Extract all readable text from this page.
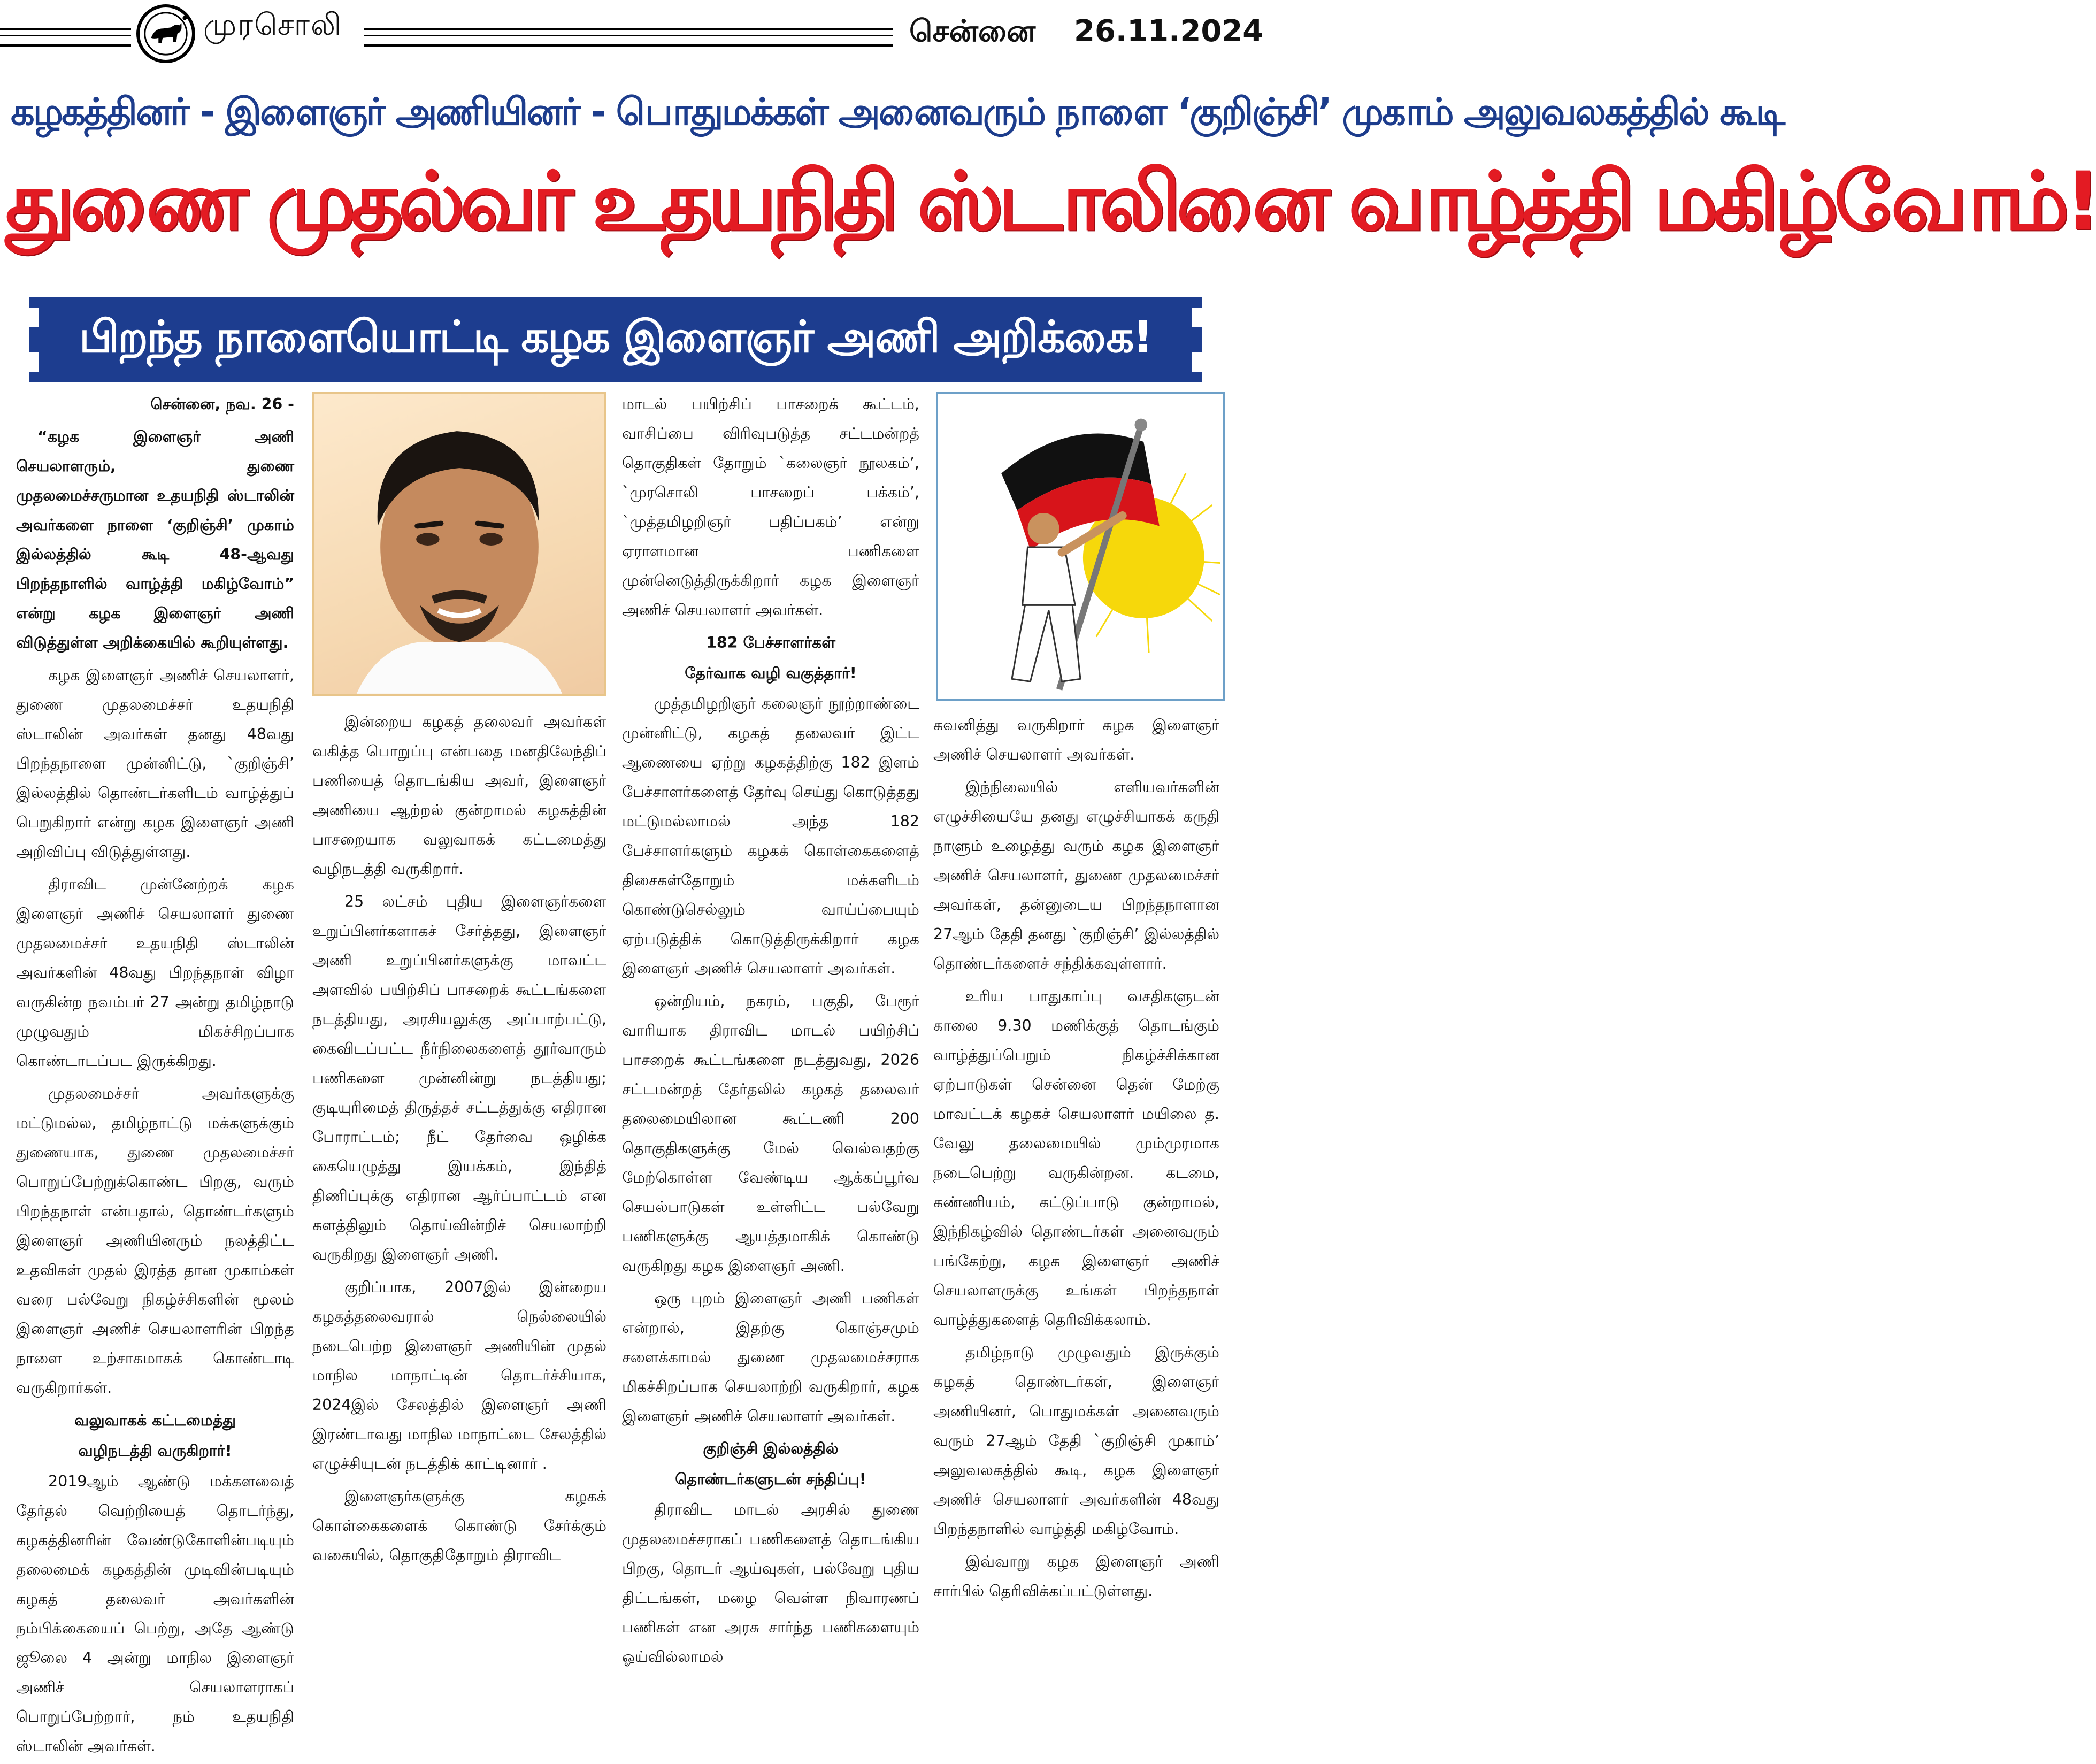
முரசொலி	சென்னை 26.11.2024
கழகத்தினர் - இளைஞர் அணியினர் - பொதுமக்கள் அனைவரும் நாளை ‘குறிஞ்சி’ முகாம் அலுவலகத்தில் கூடி
துணை முதல்வர் உதயநிதி ஸ்டாலினை வாழ்த்தி மகிழ்வோம்!
பிறந்த நாளையொட்டி கழக இளைஞர் அணி அறிக்கை!

சென்னை, நவ. 26 -

“கழக இளைஞர் அணி செயலாளரும், துணை முதலமைச்சருமான உதயநிதி ஸ்டாலின் அவர்களை நாளை ‘குறிஞ்சி’ முகாம் இல்லத்தில் கூடி 48-ஆவது பிறந்தநாளில் வாழ்த்தி மகிழ்வோம்” என்று கழக இளைஞர் அணி விடுத்துள்ள அறிக்கையில் கூறியுள்ளது.

கழக இளைஞர் அணிச் செயலாளர், துணை முதலமைச்சர் உதயநிதி ஸ்டாலின் அவர்கள் தனது 48வது பிறந்தநாளை முன்னிட்டு, `குறிஞ்சி’ இல்லத்தில் தொண்டர்களிடம் வாழ்த்துப் பெறுகிறார் என்று கழக இளைஞர் அணி அறிவிப்பு விடுத்துள்ளது.

திராவிட முன்னேற்றக் கழக இளைஞர் அணிச் செயலாளர் துணை முதலமைச்சர் உதயநிதி ஸ்டாலின் அவர்களின் 48வது பிறந்தநாள் விழா வருகின்ற நவம்பர் 27 அன்று தமிழ்நாடு முழுவதும் மிகச்சிறப்பாக கொண்டாடப்பட இருக்கிறது.

முதலமைச்சர் அவர்களுக்கு மட்டுமல்ல, தமிழ்நாட்டு மக்களுக்கும் துணையாக, துணை முதலமைச்சர் பொறுப்பேற்றுக்கொண்ட பிறகு, வரும் பிறந்தநாள் என்பதால், தொண்டர்களும் இளைஞர் அணியினரும் நலத்திட்ட உதவிகள் முதல் இரத்த தான முகாம்கள் வரை பல்வேறு நிகழ்ச்சிகளின் மூலம் இளைஞர் அணிச் செயலாளரின் பிறந்த நாளை உற்சாகமாகக் கொண்டாடி வருகிறார்கள்.

வலுவாகக் கட்டமைத்து

வழிநடத்தி வருகிறார்!

2019ஆம் ஆண்டு மக்களவைத் தேர்தல் வெற்றியைத் தொடர்ந்து, கழகத்தினரின் வேண்டுகோளின்படியும் தலைமைக் கழகத்தின் முடிவின்படியும் கழகத் தலைவர் அவர்களின் நம்பிக்கையைப் பெற்று, அதே ஆண்டு ஜூலை 4 அன்று மாநில இளைஞர் அணிச் செயலாளராகப் பொறுப்பேற்றார், நம் உதயநிதி ஸ்டாலின் அவர்கள்.

இன்றைய கழகத் தலைவர் அவர்கள் வகித்த பொறுப்பு என்பதை மனதிலேந்திப் பணியைத் தொடங்கிய அவர், இளைஞர் அணியை ஆற்றல் குன்றாமல் கழகத்தின் பாசறையாக வலுவாகக் கட்டமைத்து வழிநடத்தி வருகிறார்.

25 லட்சம் புதிய இளைஞர்களை உறுப்பினர்களாகச் சேர்த்தது, இளைஞர் அணி உறுப்பினர்களுக்கு மாவட்ட அளவில் பயிற்சிப் பாசறைக் கூட்டங்களை நடத்தியது, அரசியலுக்கு அப்பாற்பட்டு, கைவிடப்பட்ட நீர்நிலைகளைத் தூர்வாரும் பணிகளை முன்னின்று நடத்தியது; குடியுரிமைத் திருத்தச் சட்டத்துக்கு எதிரான போராட்டம்; நீட் தேர்வை ஒழிக்க கையெழுத்து இயக்கம், இந்தித் திணிப்புக்கு எதிரான ஆர்ப்பாட்டம் என களத்திலும் தொய்வின்றிச் செயலாற்றி வருகிறது இளைஞர் அணி.

குறிப்பாக, 2007இல் இன்றைய கழகத்தலைவரால் நெல்லையில் நடைபெற்ற இளைஞர் அணியின் முதல் மாநில மாநாட்டின் தொடர்ச்சியாக, 2024இல் சேலத்தில் இளைஞர் அணி இரண்டாவது மாநில மாநாட்டை சேலத்தில் எழுச்சியுடன் நடத்திக் காட்டினார் .

இளைஞர்களுக்கு கழகக் கொள்கைகளைக் கொண்டு சேர்க்கும் வகையில், தொகுதிதோறும் திராவிட

மாடல் பயிற்சிப் பாசறைக் கூட்டம், வாசிப்பை விரிவுபடுத்த சட்டமன்றத் தொகுதிகள் தோறும் `கலைஞர் நூலகம்’, `முரசொலி பாசறைப் பக்கம்’, `முத்தமிழறிஞர் பதிப்பகம்’ என்று ஏராளமான பணிகளை முன்னெடுத்திருக்கிறார் கழக இளைஞர் அணிச் செயலாளர் அவர்கள்.

182 பேச்சாளர்கள்

தேர்வாக வழி வகுத்தார்!

முத்தமிழறிஞர் கலைஞர் நூற்றாண்டை முன்னிட்டு, கழகத் தலைவர் இட்ட ஆணையை ஏற்று கழகத்திற்கு 182 இளம் பேச்சாளர்களைத் தேர்வு செய்து கொடுத்தது மட்டுமல்லாமல் அந்த 182 பேச்சாளர்களும் கழகக் கொள்கைகளைத் திசைகள்தோறும் மக்களிடம் கொண்டுசெல்லும் வாய்ப்பையும் ஏற்படுத்திக் கொடுத்திருக்கிறார் கழக இளைஞர் அணிச் செயலாளர் அவர்கள்.

ஒன்றியம், நகரம், பகுதி, பேரூர் வாரியாக திராவிட மாடல் பயிற்சிப் பாசறைக் கூட்டங்களை நடத்துவது, 2026 சட்டமன்றத் தேர்தலில் கழகத் தலைவர் தலைமையிலான கூட்டணி 200 தொகுதிகளுக்கு மேல் வெல்வதற்கு மேற்கொள்ள வேண்டிய ஆக்கப்பூர்வ செயல்பாடுகள் உள்ளிட்ட பல்வேறு பணிகளுக்கு ஆயத்தமாகிக் கொண்டு வருகிறது கழக இளைஞர் அணி.

ஒரு புறம் இளைஞர் அணி பணிகள் என்றால், இதற்கு கொஞ்சமும் சளைக்காமல் துணை முதலமைச்சராக மிகச்சிறப்பாக செயலாற்றி வருகிறார், கழக இளைஞர் அணிச் செயலாளர் அவர்கள்.

குறிஞ்சி இல்லத்தில்

தொண்டர்களுடன் சந்திப்பு!

திராவிட மாடல் அரசில் துணை முதலமைச்சராகப் பணிகளைத் தொடங்கிய பிறகு, தொடர் ஆய்வுகள், பல்வேறு புதிய திட்டங்கள், மழை வெள்ள நிவாரணப் பணிகள் என அரசு சார்ந்த பணிகளையும் ஓய்வில்லாமல்

கவனித்து வருகிறார் கழக இளைஞர் அணிச் செயலாளர் அவர்கள்.

இந்நிலையில் எளியவர்களின் எழுச்சியையே தனது எழுச்சியாகக் கருதி நாளும் உழைத்து வரும் கழக இளைஞர் அணிச் செயலாளர், துணை முதலமைச்சர் அவர்கள், தன்னுடைய பிறந்தநாளான 27ஆம் தேதி தனது `குறிஞ்சி’ இல்லத்தில் தொண்டர்களைச் சந்திக்கவுள்ளார்.

உரிய பாதுகாப்பு வசதிகளுடன் காலை 9.30 மணிக்குத் தொடங்கும் வாழ்த்துப்பெறும் நிகழ்ச்சிக்கான ஏற்பாடுகள் சென்னை தென் மேற்கு மாவட்டக் கழகச் செயலாளர் மயிலை த. வேலு தலைமையில் மும்முரமாக நடைபெற்று வருகின்றன. கடமை, கண்ணியம், கட்டுப்பாடு குன்றாமல், இந்நிகழ்வில் தொண்டர்கள் அனைவரும் பங்கேற்று, கழக இளைஞர் அணிச் செயலாளருக்கு உங்கள் பிறந்தநாள் வாழ்த்துகளைத் தெரிவிக்கலாம்.

தமிழ்நாடு முழுவதும் இருக்கும் கழகத் தொண்டர்கள், இளைஞர் அணியினர், பொதுமக்கள் அனைவரும் வரும் 27ஆம் தேதி `குறிஞ்சி முகாம்’ அலுவலகத்தில் கூடி, கழக இளைஞர் அணிச் செயலாளர் அவர்களின் 48வது பிறந்தநாளில் வாழ்த்தி மகிழ்வோம்.

இவ்வாறு கழக இளைஞர் அணி சார்பில் தெரிவிக்கப்பட்டுள்ளது.
